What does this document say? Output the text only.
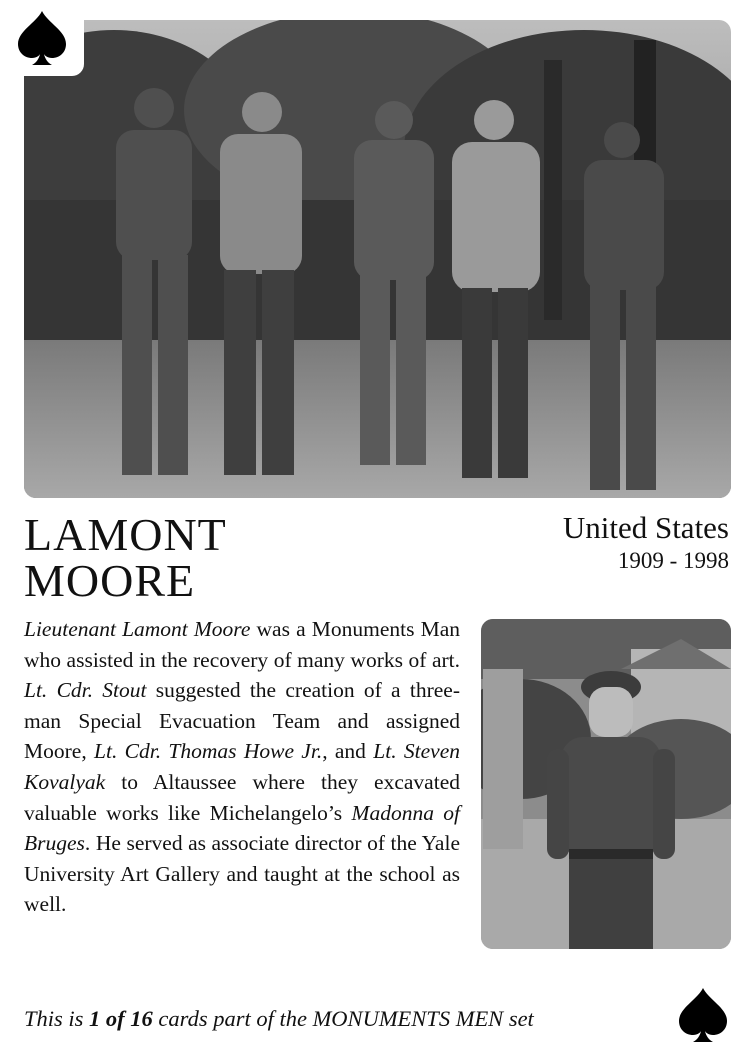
LAMONT
MOORE
United States
1909 - 1998
Lieutenant Lamont Moore was a Monuments Man who assisted in the recovery of many works of art. Lt. Cdr. Stout suggested the creation of a three-man Special Evacuation Team and assigned Moore, Lt. Cdr. Thomas Howe Jr., and Lt. Steven Kovalyak to Altaussee where they excavated valuable works like Michelangelo’s Madonna of Bruges. He served as associate director of the Yale University Art Gallery and taught at the school as well.
This is 1 of 16 cards part of the MONUMENTS MEN set
